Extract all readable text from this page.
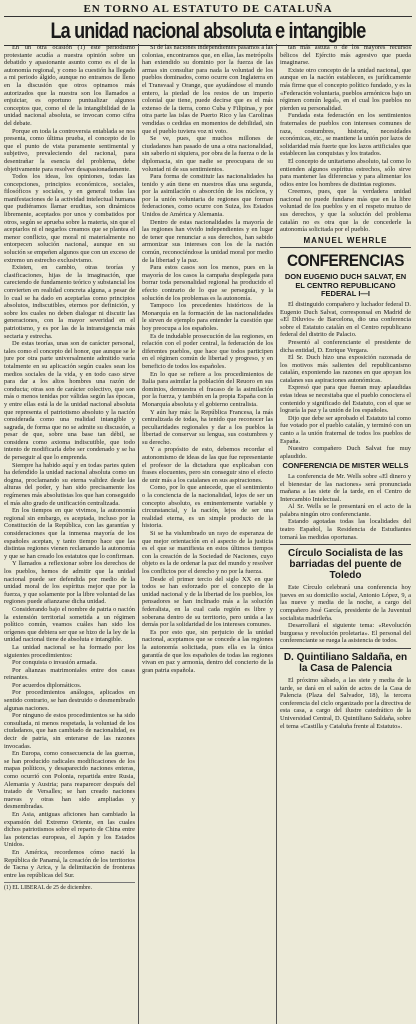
EN TORNO AL ESTATUTO DE CATALUÑA
La unidad nacional absoluta e intangible

En un otra ocasión (1) este periodismo protestante acudía a nuestra opinión sobre un debatido y apasionante asunto como es el de la autonomía regional, y como la cuestión ha llegado a mi periodo álgido, aunque no entramos de lleno en la discusión que otros opinamos más autorizados que la nuestra son los llamados a enjuiciar, es oportuno puntualizar algunos conceptos que, como el de la intangibilidad de la unidad nacional absoluta, se invocan como cifra del debate.

Porque en toda la controversia entablada se nos presenta, como última prueba, el concepto de lo que el punto de vista puramente sentimental y subjetivo, prevaleciendo del racional, para desentrañar la esencia del problema, debe objetivamente para resolver desapasionadamente.

Todos los ideas, los opiniones, todas las concepciones, principios económicos, sociales, filosóficos y sociales, y en general todas las manifestaciones de la actividad intelectual humana que pudiéramos llamar eruditas, son dinámicos libremente, aceptados por unos y combatidos por otros, según se aprueba sobre la materia, sin que el aceptarlos ni el negarlos creamos que se plantea el menor conflicto, que moral ni materialmente no entorpecen solución nacional, aunque en su solución se empeñen algunos que con un exceso de extremo un estrecho exclusivismo.

Existen, en cambio, otras teorías y clasificaciones, hijas de la imaginación, que careciendo de fundamento teórico y substancial los convierten en realidad concreta alguna, a pesar de lo cual se ha dado en aceptarlas como principios absolutos, indiscutibles, eternos por definición, y sobre los cuales no deben dialogar ni discutir las generaciones, con la mayor severidad en el patriotismo, y es por las de la intransigencia más sectaria y estrecha.

De estas teorías, unas son de carácter personal, tales como el concepto del honor, que aunque se le jure por otra parte universalmente admitido varía totalmente en su aplicación según cuales sean los medios sociales de la vida, y en todo caso sirve para dar a los altos hombres una razón de conducta; otras son de carácter colectivo, que son más o menos tenidas por válidas según las épocas, y entre ellas está la de la unidad nacional absoluta que representa el patriotismo absoluto y la nación considerada como una realidad intangible y sagrada, de forma que no se admite su discusión, a pesar de que, sobre una base tan débil, se considera como axioma indiscutible, que todo intento de modificarla debe ser condenado y se ha de perseguir al que lo emprenda.

Siempre ha habido aquí y en todas partes quien ha defendido la unidad nacional absoluta como un dogma, proclamando su eterna validez desde las alturas del poder, y han sido precisamente los regímenes más absolutistas los que han conseguido el más alto grado de unificación centralizada.

En los tiempos en que vivimos, la autonomía regional sin embargo, es aceptada, incluso por la Constitución de la República, con las garantías y consideraciones que la inmensa mayoría de los españoles aceptan, y tanto tiempo hace que las distintas regiones vienen reclamando la autonomía y que se han creado los estatutos que lo confirman.

Y llamados a reflexionar sobre los derechos de los pueblos, hemos de admitir que la unidad nacional puede ser defendida por medio de la unidad moral de los espíritus mejor que por la fuerza, y que solamente por la libre voluntad de las regiones puede afianzarse dicha unidad.

Considerando bajo el nombre de patria o nación la extensión territorial sometida a un régimen político común, veamos cuáles han sido los orígenes que debiera ser que se hizo de la ley de la unidad nacional tiene de absoluta e intangible.

La unidad nacional se ha formado por los siguientes procedimientos:

Por conquista o invasión armada.

Por alianzas matrimoniales entre dos casas reinantes.

Por acuerdos diplomáticos.

Por procedimientos análogos, aplicados en sentido contrario, se han destruido o desmembrado algunas naciones.

Por ninguno de estos procedimientos se ha sido consultada, ni menos respetada, la voluntad de los ciudadanos, que han cambiado de nacionalidad, es decir de patria, sin enterarse de las razones invocadas.

En Europa, como consecuencia de las guerras, se han producido radicales modificaciones de los mapas políticos, y desaparecido naciones enteras, como ocurrió con Polonia, repartida entre Rusia, Alemania y Austria; para reaparecer después del tratado de Versalles; se han creado naciones nuevas y otras han sido ampliadas y desmembradas.

En Asia, antiguas aficiones han cambiado la expansión del Extremo Oriente, en las cuales dichos patriotismos sobre el reparto de China entre las potencias europeas, el Japón y los Estados Unidos.

En América, recordemos cómo nació la República de Panamá, la creación de los territorios de Tacna y Arica, y la delimitación de fronteras entre las repúblicas del Sur.

(1) EL LIBERAL de 25 de diciembre.

Si de las naciones independientes pasamos a las colonias, encontramos que, en ellas, las metrópolis han extendido su dominio por la fuerza de las armas sin consultar para nada la voluntad de los pueblos dominados, como ocurre con Inglaterra en el Transvaal y Orange, que ayudándose el mundo entero, la piedad de los restos de un imperio colonial que tiene, puede decirse que es el más extenso de la tierra, como Cuba y Filipinas, y por otra parte las islas de Puerto Rico y las Carolinas vendidas o cedidas en momentos de debilidad, sin que el pueblo tuviera voz ni voto.

Se ve, pues, que muchos millones de ciudadanos han pasado de una a otra nacionalidad, sin saberlo ni siquiera, por obra de la fuerza o de la diplomacia, sin que nadie se preocupara de su voluntad ni de sus sentimientos.

Para forma de constituir las nacionalidades ha tenido y aún tiene en nuestros días una segunda, por la asimilación o absorción de los núcleos, y por la unión voluntaria de regiones que forman federaciones, como ocurre con Suiza, los Estados Unidos de América y Alemania.

Dentro de estas nacionalidades la mayoría de las regiones han vivido independientes y en lugar de tener que renunciar a sus derechos, han sabido armonizar sus intereses con los de la nación común, reconociéndose la unidad moral por medio de la libertad y la paz.

Para estos casos son los menos, pues en la mayoría de los casos la campaña desplegada para borrar toda personalidad regional ha producido el efecto contrario de lo que se perseguía, y la solución de los problemas es la autonomía.

Tampoco los precedentes históricos de la Monarquía en la formación de las nacionalidades le sirven de ejemplo para entender la cuestión que hoy preocupa a los españoles.

Es de indudable prosecución de las regiones, en relación con el poder central, la federación de los diferentes pueblos, que hace que todos participen en el régimen común de libertad y progreso, y en beneficio de todos los españoles.

En lo que se refiere a los procedimientos de Italia para asimilar la población del Reuoro en sus dominios, demuestra el fracaso de la asimilación por la fuerza, y también en la propia España con la Monarquía absoluta y el gobierno centralista.

Y aún hay más: la República Francesa, la más centralizada de todas, ha tenido que reconocer las peculiaridades regionales y dar a los pueblos la libertad de conservar su lengua, sus costumbres y su derecho.

Y a propósito de esto, debemos recordar el autonomismo de ideas de las que fue representante el profesor de la dictadura que explicaban con frases elocuentes, pero sin conseguir sino el efecto de unir más a los catalanes en sus aspiraciones.

Como, por lo que antecede, que el sentimiento o la conciencia de la nacionalidad, lejos de ser un concepto absoluto, es eminentemente variable y circunstancial, y la nación, lejos de ser una realidad eterna, es un simple producto de la historia.

Si se ha vislumbrado un rayo de esperanza de que mejor orientación en el aspecto de la justicia es el que se manifiesta en estos últimos tiempos con la creación de la Sociedad de Naciones, cuyo objeto es la de ordenar la paz del mundo y resolver los conflictos por el derecho y no por la fuerza.

Desde el primer tercio del siglo XX en que todos se han esforzado por el concepto de la unidad nacional y de la libertad de los pueblos, los pensadores se han inclinado más a la solución federalista, en la cual cada región es libre y soberana dentro de su territorio, pero unida a las demás por la solidaridad de los intereses comunes.

Es por esto que, sin perjuicio de la unidad nacional, aceptamos que se concede a las regiones la autonomía solicitada, pues ella es la única garantía de que los españoles de todas las regiones vivan en paz y armonía, dentro del concierto de la gran patria española.

tan más astuta o de los mayores recursos bélicos del Ejército más agresivo que pueda imaginarse.

Existe otro concepto de la unidad nacional, que aunque en la nación establecen, es jurídicamente más firme que el concepto político fundado, y es la «Federación voluntaria, pueblos armónicos bajo un régimen común legal», en el cual los pueblos no pierden su personalidad.

Fundada esta federación en los sentimientos fraternales de pueblos con intereses comunes de raza, costumbres, historia, necesidades económicas, etc., se mantiene la unión por lazos de solidaridad más fuerte que los lazos artificiales que establecen las conquistas y los tratados.

El concepto de unitarismo absoluto, tal como lo entienden algunos espíritus estrechos, sólo sirve para mantener las diferencias y para alimentar los odios entre los hombres de distintas regiones.

Creemos, pues, que la verdadera unidad nacional no puede fundarse más que en la libre voluntad de los pueblos y en el respeto mutuo de sus derechos, y que la solución del problema catalán no es otra que la de concederle la autonomía solicitada por el pueblo.

MANUEL WEHRLE
CONFERENCIAS
DON EUGENIO DUCH SALVAT, EN EL CENTRO REPUBLICANO FEDERAL I—I

El distinguido compañero y luchador federal D. Eugenio Duch Salvat, corresponsal en Madrid de «El Diluvio» de Barcelona, dio una conferencia sobre el Estatuto catalán en el Centro republicano federal del distrito de Palacio.

Presentó al conferenciante el presidente de dicha entidad, D. Enrique Vergara.

El Sr. Duch hizo una exposición razonada de los motivos más salientes del republicanismo catalán, exponiendo las razones en que apoyan los catalanes sus aspiraciones autonómicas.

Expresó que para que fueran muy aplaudidas estas ideas se necesitaba que el pueblo conociera el contenido y significado del Estatuto, con el que se lograría la paz y la unión de los españoles.

Dijo que debe ser aprobado el Estatuto tal como fue votado por el pueblo catalán, y terminó con un canto a la unión fraternal de todos los pueblos de España.

Nuestro compañero Duch Salvat fue muy aplaudido.

CONFERENCIA DE MISTER WELLS

La conferencia de Mr. Wells sobre «El dinero y el bienestar de las naciones» será pronunciada mañana a las siete de la tarde, en el Centro de Intercambio Intelectual.

Al Sr. Wells se le presentará en el acto de la palabra ningún otro conferenciante.

Estando agotadas todas las localidades del teatro Español, la Residencia de Estudiantes tomará las medidas oportunas.

Círculo Socialista de las barriadas del puente de Toledo

Este Círculo celebrará una conferencia hoy jueves en su domicilio social, Antonio López, 9, a las nueve y media de la noche, a cargo del compañero José García, presidente de la Juventud socialista madrileña.

Desarrollará el siguiente tema: «Revolución burguesa y revolución proletaria». El personal del conferenciante se ruega la asistencia de todos.

D. Quintiliano Saldaña, en la Casa de Palencia

El próximo sábado, a las siete y media de la tarde, se dará en el salón de actos de la Casa de Palencia (Plaza del Salvador, 18), la tercera conferencia del ciclo organizado por la directiva de esta casa, a cargo del ilustre catedrático de la Universidad Central, D. Quintiliano Saldaña, sobre el tema «Castilla y Cataluña frente al Estatuto».
